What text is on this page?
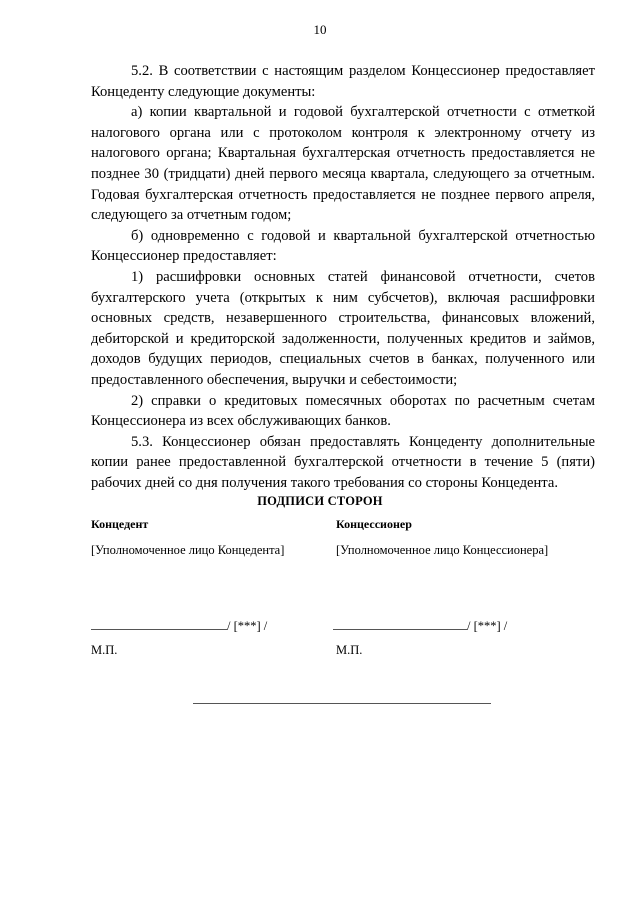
10

5.2. В соответствии с настоящим разделом Концессионер предоставляет Концеденту следующие документы:

а) копии квартальной и годовой бухгалтерской отчетности с отметкой налогового органа или с протоколом контроля к электронному отчету из налогового органа; Квартальная бухгалтерская отчетность предоставляется не позднее 30 (тридцати) дней первого месяца квартала, следующего за отчетным. Годовая бухгалтерская отчетность предоставляется не позднее первого апреля, следующего за отчетным годом;

б) одновременно с годовой и квартальной бухгалтерской отчетностью Концессионер предоставляет:

1) расшифровки основных статей финансовой отчетности, счетов бухгалтерского учета (открытых к ним субсчетов), включая расшифровки основных средств, незавершенного строительства, финансовых вложений, дебиторской и кредиторской задолженности, полученных кредитов и займов, доходов будущих периодов, специальных счетов в банках, полученного или предоставленного обеспечения, выручки и себестоимости;

2) справки о кредитовых помесячных оборотах по расчетным счетам Концессионера из всех обслуживающих банков.

5.3. Концессионер обязан предоставлять Концеденту дополнительные копии ранее предоставленной бухгалтерской отчетности в течение 5 (пяти) рабочих дней со дня получения такого требования со стороны Концедента.

ПОДПИСИ СТОРОН
Концедент
[Уполномоченное лицо Концедента]
/ [***] /
М.П.
Концессионер
[Уполномоченное лицо Концессионера]
/ [***] /
М.П.
